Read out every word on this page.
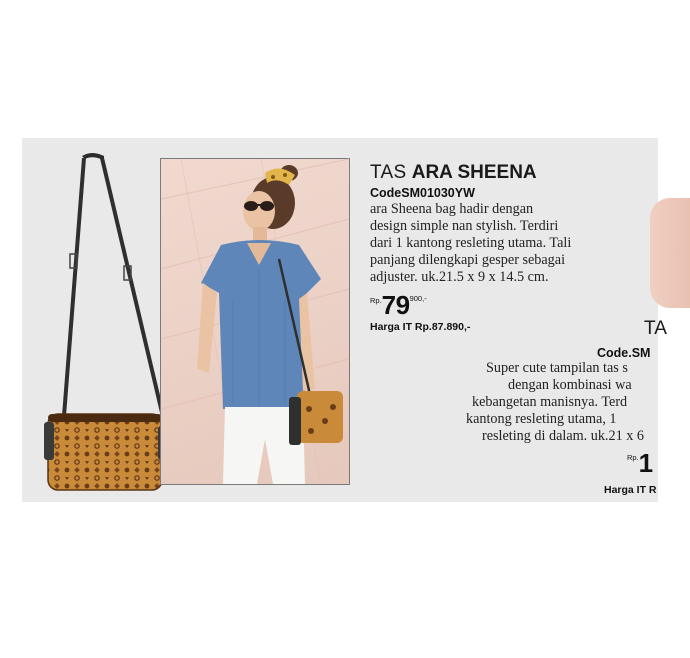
TAS ARA SHEENA
CodeSM01030YW
ara Sheena bag hadir dengan
design simple nan stylish. Terdiri
dari 1 kantong resleting utama. Tali
panjang dilengkapi gesper sebagai
adjuster. uk.21.5 x 9 x 14.5 cm.
$^{Rp.}79^{900,-}$
Harga IT Rp.87.890,-	TA
Code.SM
Super cute tampilan tas s
dengan kombinasi wa
kebangetan manisnya. Terd
kantong resleting utama, 1
resleting di dalam. uk.21 x 6
$^{Rp.}$1
Harga IT R
